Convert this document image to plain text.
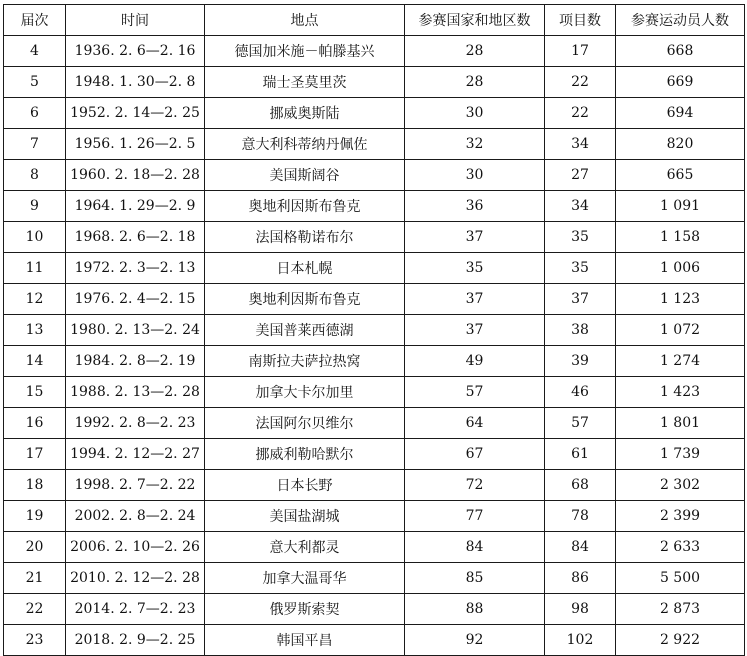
届次	时间	地点	参赛国家和地区数	项目数	参赛运动员人数
4	1936. 2. 6—2. 16	德国加米施－帕滕基兴	28	17	668
5	1948. 1. 30—2. 8	瑞士圣莫里茨	28	22	669
6	1952. 2. 14—2. 25	挪威奥斯陆	30	22	694
7	1956. 1. 26—2. 5	意大利科蒂纳丹佩佐	32	34	820
8	1960. 2. 18—2. 28	美国斯阔谷	30	27	665
9	1964. 1. 29—2. 9	奥地利因斯布鲁克	36	34	1 091
10	1968. 2. 6—2. 18	法国格勒诺布尔	37	35	1 158
11	1972. 2. 3—2. 13	日本札幌	35	35	1 006
12	1976. 2. 4—2. 15	奥地利因斯布鲁克	37	37	1 123
13	1980. 2. 13—2. 24	美国普莱西德湖	37	38	1 072
14	1984. 2. 8—2. 19	南斯拉夫萨拉热窝	49	39	1 274
15	1988. 2. 13—2. 28	加拿大卡尔加里	57	46	1 423
16	1992. 2. 8—2. 23	法国阿尔贝维尔	64	57	1 801
17	1994. 2. 12—2. 27	挪威利勒哈默尔	67	61	1 739
18	1998. 2. 7—2. 22	日本长野	72	68	2 302
19	2002. 2. 8—2. 24	美国盐湖城	77	78	2 399
20	2006. 2. 10—2. 26	意大利都灵	84	84	2 633
21	2010. 2. 12—2. 28	加拿大温哥华	85	86	5 500
22	2014. 2. 7—2. 23	俄罗斯索契	88	98	2 873
23	2018. 2. 9—2. 25	韩国平昌	92	102	2 922
